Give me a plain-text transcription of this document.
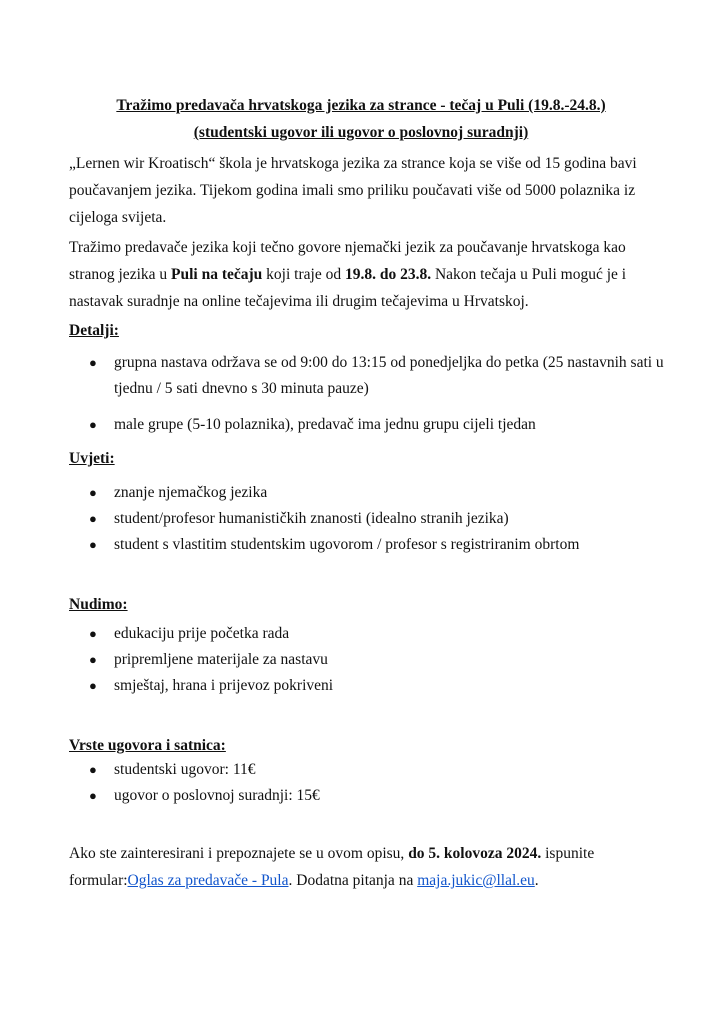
Tražimo predavača hrvatskoga jezika za strance - tečaj u Puli (19.8.-24.8.)
(studentski ugovor ili ugovor o poslovnoj suradnji)
„Lernen wir Kroatisch“ škola je hrvatskoga jezika za strance koja se više od 15 godina bavi poučavanjem jezika. Tijekom godina imali smo priliku poučavati više od 5000 polaznika iz cijeloga svijeta.
Tražimo predavače jezika koji tečno govore njemački jezik za poučavanje hrvatskoga kao stranog jezika u Puli na tečaju koji traje od 19.8. do 23.8. Nakon tečaja u Puli moguć je i nastavak suradnje na online tečajevima ili drugim tečajevima u Hrvatskoj.
Detalji:
● grupna nastava održava se od 9:00 do 13:15 od ponedjeljka do petka (25 nastavnih sati u tjednu / 5 sati dnevno s 30 minuta pauze)
● male grupe (5-10 polaznika), predavač ima jednu grupu cijeli tjedan
Uvjeti:
● znanje njemačkog jezika
● student/profesor humanističkih znanosti (idealno stranih jezika)
● student s vlastitim studentskim ugovorom / profesor s registriranim obrtom
Nudimo:
● edukaciju prije početka rada
● pripremljene materijale za nastavu
● smještaj, hrana i prijevoz pokriveni
Vrste ugovora i satnica:
● studentski ugovor: 11€
● ugovor o poslovnoj suradnji: 15€
Ako ste zainteresirani i prepoznajete se u ovom opisu, do 5. kolovoza 2024. ispunite formular:Oglas za predavače - Pula. Dodatna pitanja na maja.jukic@llal.eu.
